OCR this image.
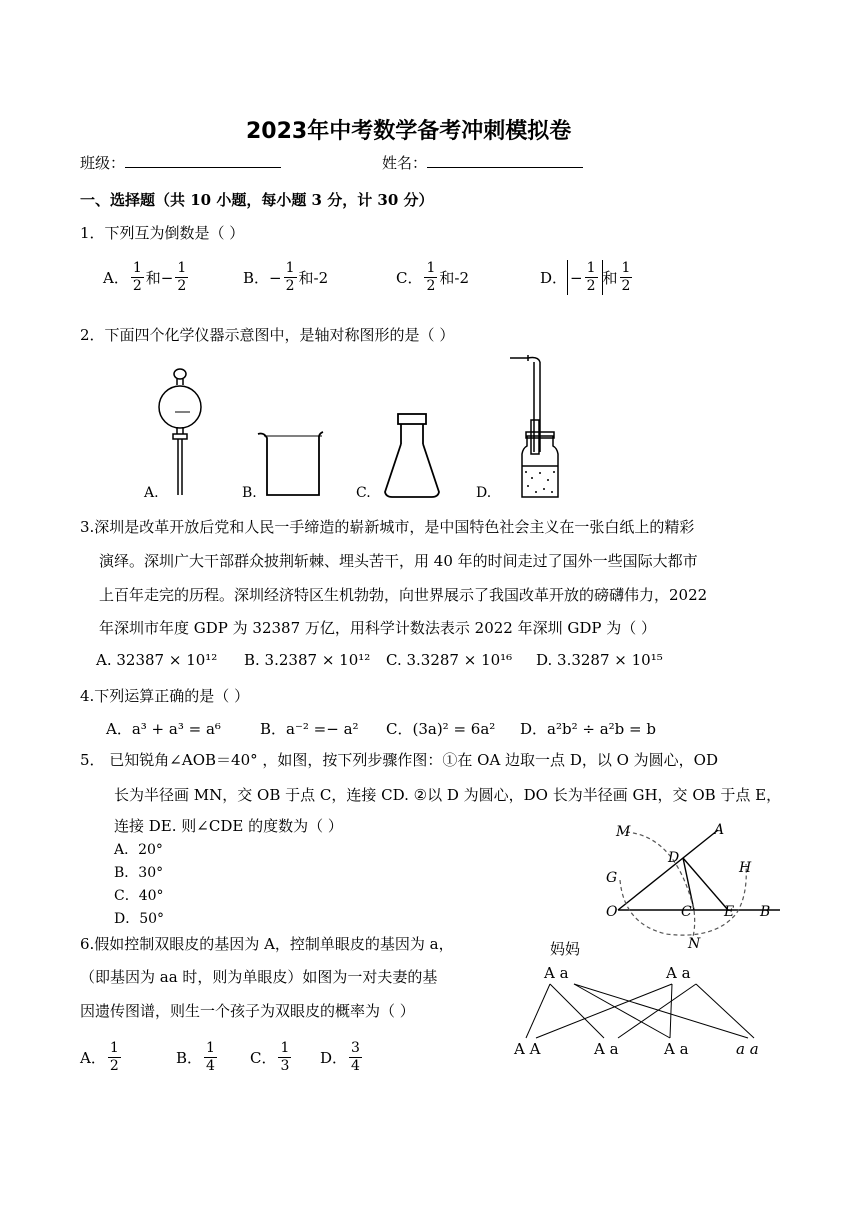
2023年中考数学备考冲刺模拟卷
班级：	姓名：
一、选择题（共 10 小题，每小题 3 分，计 30 分）
1．下列互为倒数是（ ）
A． $\frac{1}{2}$ 和 − $\frac{1}{2}$	B． − $\frac{1}{2}$ 和 -2	C． $\frac{1}{2}$ 和 -2	D． − $\frac{1}{2}$ 和 $\frac{1}{2}$
2．下面四个化学仪器示意图中，是轴对称图形的是（ ）
A.	B.	C.	D.
3.深圳是改革开放后党和人民一手缔造的崭新城市，是中国特色社会主义在一张白纸上的精彩
演绎。深圳广大干部群众披荆斩棘、埋头苦干，用 40 年的时间走过了国外一些国际大都市
上百年走完的历程。深圳经济特区生机勃勃，向世界展示了我国改革开放的磅礴伟力，2022
年深圳市年度 GDP 为 32387 万亿，用科学计数法表示 2022 年深圳 GDP 为（ ）
A. 32387 × 10¹² B. 3.2387 × 10¹² C. 3.3287 × 10¹⁶ D. 3.3287 × 10¹⁵
4.下列运算正确的是（ ）
A．a³ + a³ = a⁶	B．a⁻² =− a² C．(3a)² = 6a² D．a²b² ÷ a²b = b
5． 已知锐角∠AOB＝40° ，如图，按下列步骤作图：①在 OA 边取一点 D，以 O 为圆心，OD
长为半径画 MN，交 OB 于点 C，连接 CD. ②以 D 为圆心，DO 长为半径画 GH，交 OB 于点 E，
连接 DE. 则∠CDE 的度数为（ ）
A．20°
B．30°
C．40°
D．50°
M	A
D
H
G
O	C E B
N
6.假如控制双眼皮的基因为 A，控制单眼皮的基因为 a，
（即基因为 aa 时，则为单眼皮）如图为一对夫妻的基
因遗传图谱，则生一个孩子为双眼皮的概率为（ ）
A． $\frac{1}{2}$	B． $\frac{1}{4}$ C． $\frac{1}{3}$ D． $\frac{3}{4}$
妈妈
A a	A a
A A	A a	A a	a a
